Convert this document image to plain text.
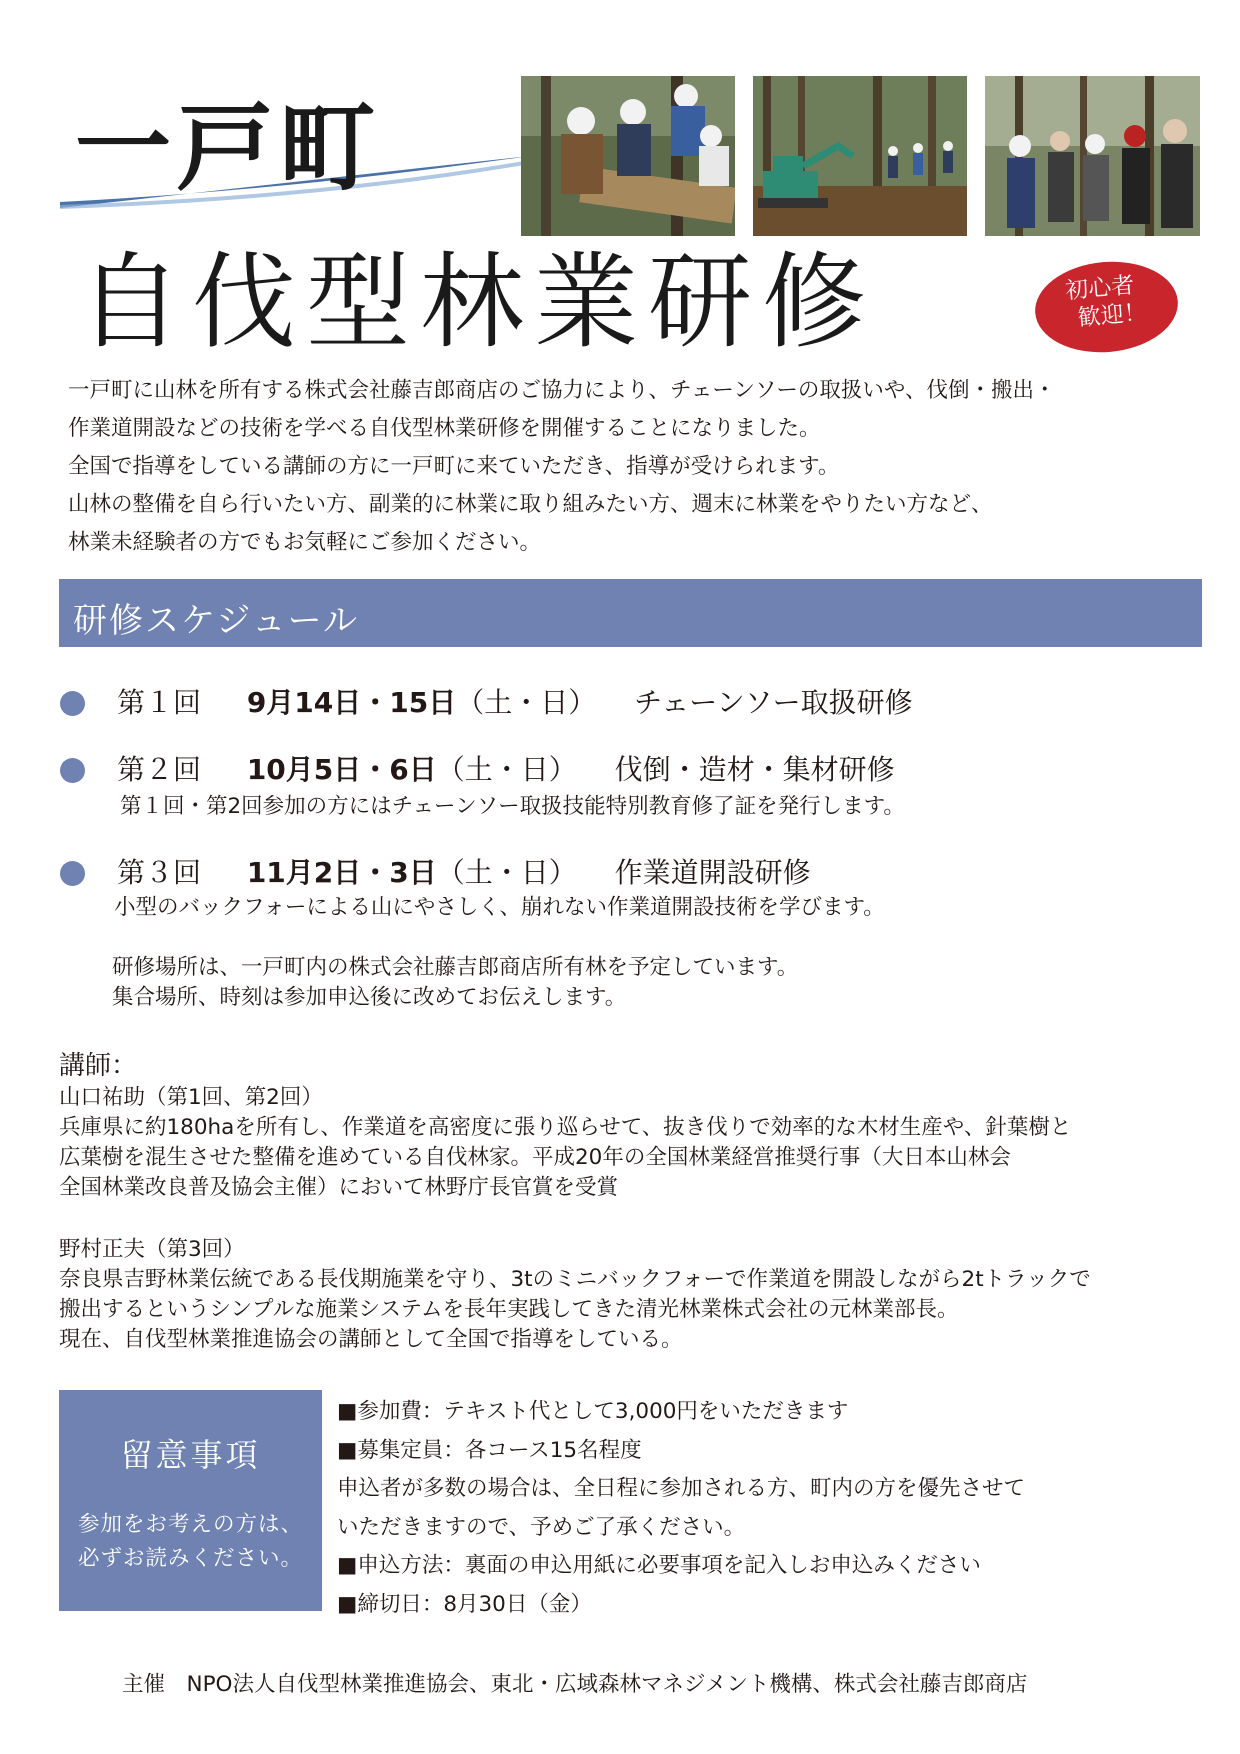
一戸町
自伐型林業研修	初心者
歓迎！
一戸町に山林を所有する株式会社藤吉郎商店のご協力により、チェーンソーの取扱いや、伐倒・搬出・
作業道開設などの技術を学べる自伐型林業研修を開催することになりました。
全国で指導をしている講師の方に一戸町に来ていただき、指導が受けられます。
山林の整備を自ら行いたい方、副業的に林業に取り組みたい方、週末に林業をやりたい方など、
林業未経験者の方でもお気軽にご参加ください。
研修スケジュール
第１回 9月14日・15日（土・日） チェーンソー取扱研修
第２回 10月5日・6日（土・日） 伐倒・造材・集材研修
第１回・第2回参加の方にはチェーンソー取扱技能特別教育修了証を発行します。
第３回 11月2日・3日（土・日） 作業道開設研修
小型のバックフォーによる山にやさしく、崩れない作業道開設技術を学びます。
研修場所は、一戸町内の株式会社藤吉郎商店所有林を予定しています。
集合場所、時刻は参加申込後に改めてお伝えします。
講師：
山口祐助（第1回、第2回）
兵庫県に約180haを所有し、作業道を高密度に張り巡らせて、抜き伐りで効率的な木材生産や、針葉樹と
広葉樹を混生させた整備を進めている自伐林家。平成20年の全国林業経営推奨行事（大日本山林会
全国林業改良普及協会主催）において林野庁長官賞を受賞
野村正夫（第3回）
奈良県吉野林業伝統である長伐期施業を守り、3tのミニバックフォーで作業道を開設しながら2tトラックで
搬出するというシンプルな施業システムを長年実践してきた清光林業株式会社の元林業部長。
現在、自伐型林業推進協会の講師として全国で指導をしている。
留意事項
参加をお考えの方は、
必ずお読みください。
■参加費：テキスト代として3,000円をいただきます
■募集定員：各コース15名程度
申込者が多数の場合は、全日程に参加される方、町内の方を優先させて
いただきますので、予めご了承ください。
■申込方法：裏面の申込用紙に必要事項を記入しお申込みください
■締切日：8月30日（金）
主催　NPO法人自伐型林業推進協会、東北・広域森林マネジメント機構、株式会社藤吉郎商店
